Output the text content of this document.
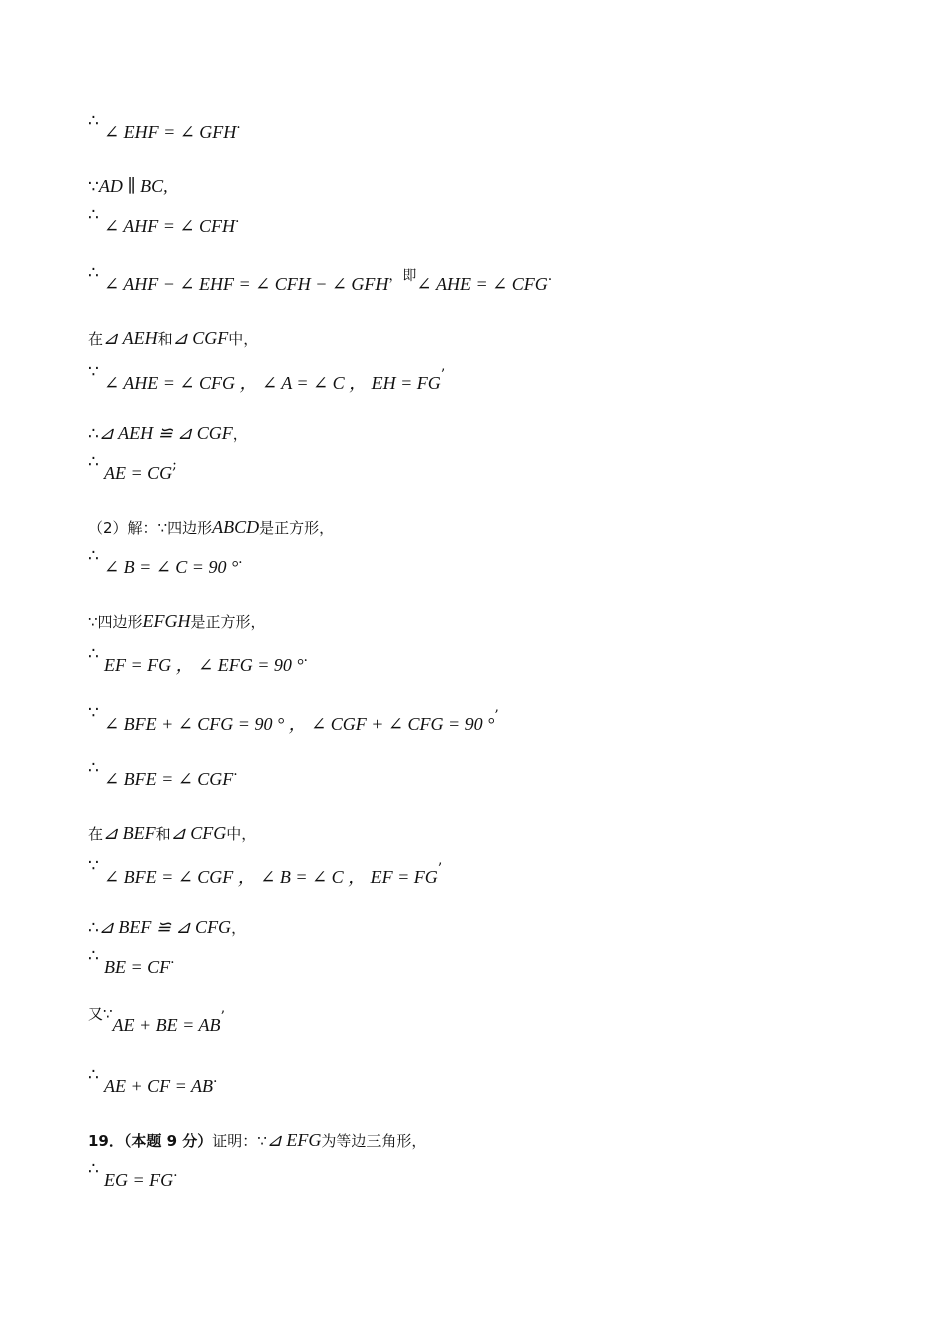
∴∠ EHF = ∠ GFH.
∵AD ∥ BC,
∴∠ AHF = ∠ CFH.
∴∠ AHF − ∠ EHF = ∠ CFH − ∠ GFH，即∠ AHE = ∠ CFG.
在⊿ AEH和⊿ CGF中，
∵∠ AHE = ∠ CFG ， ∠ A = ∠ C ， EH = FG’
∴⊿ AEH ≌ ⊿ CGF，
∴AE = CG;
（2）解：∵四边形ABCD是正方形，
∴∠ B = ∠ C = 90 °.
∵四边形EFGH是正方形，
∴EF = FG ， ∠ EFG = 90 °.
∵∠ BFE + ∠ CFG = 90 ° ， ∠ CGF + ∠ CFG = 90 °’
∴∠ BFE = ∠ CGF.
在⊿ BEF和⊿ CFG中，
∵∠ BFE = ∠ CGF ， ∠ B = ∠ C ， EF = FG’
∴⊿ BEF ≌ ⊿ CFG，
∴BE = CF.
又∵AE + BE = AB’
∴AE + CF = AB.
19．（本题 9 分）证明：∵⊿ EFG为等边三角形，
∴EG = FG.
